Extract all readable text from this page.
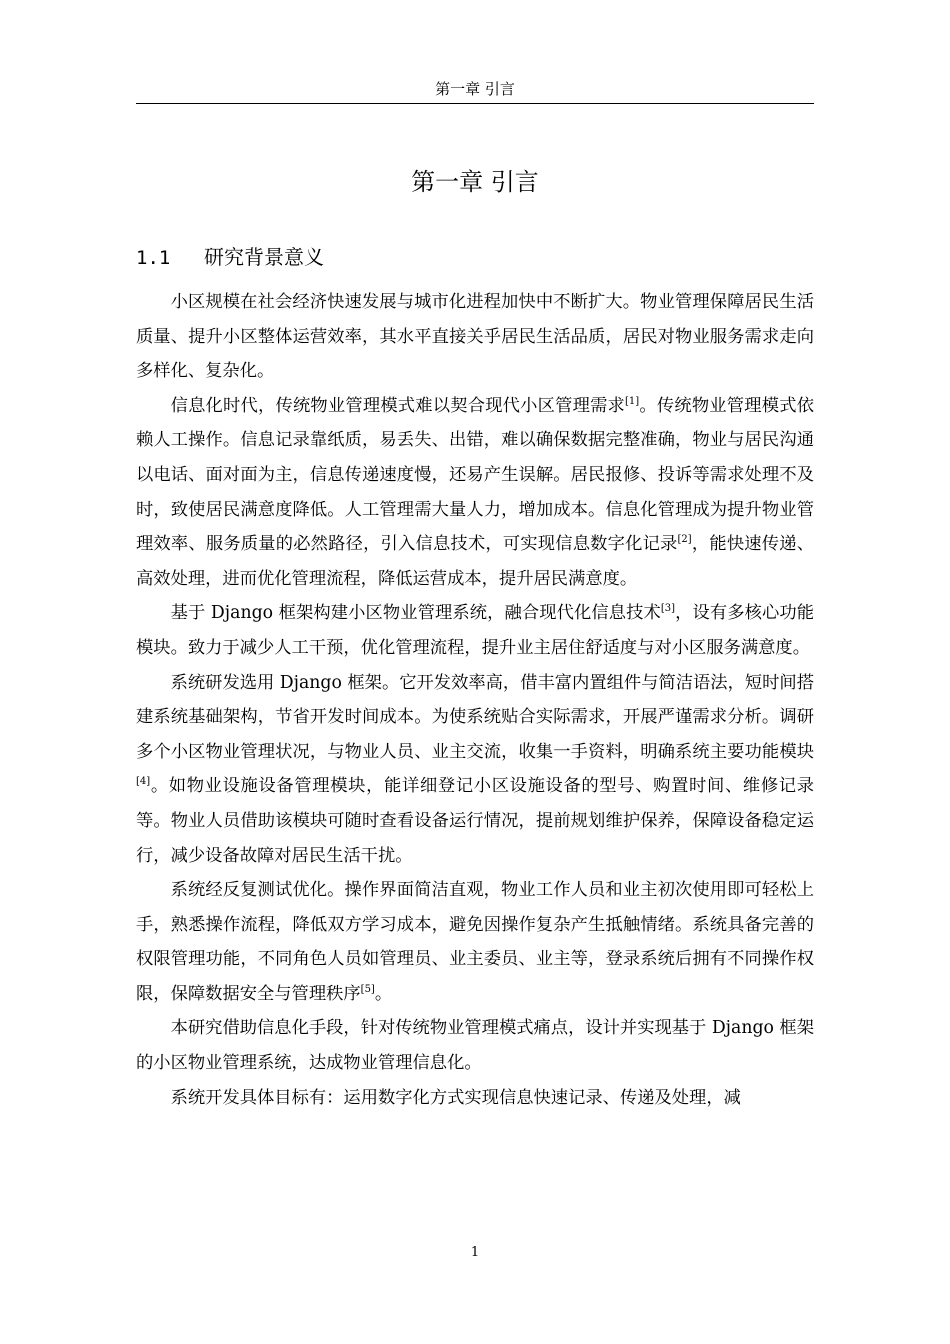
第一章 引言
第一章 引言
1.1 研究背景意义

小区规模在社会经济快速发展与城市化进程加快中不断扩大。物业管理保障居民生活质量、提升小区整体运营效率，其水平直接关乎居民生活品质，居民对物业服务需求走向多样化、复杂化。

信息化时代，传统物业管理模式难以契合现代小区管理需求[1]。传统物业管理模式依赖人工操作。信息记录靠纸质，易丢失、出错，难以确保数据完整准确，物业与居民沟通以电话、面对面为主，信息传递速度慢，还易产生误解。居民报修、投诉等需求处理不及时，致使居民满意度降低。人工管理需大量人力，增加成本。信息化管理成为提升物业管理效率、服务质量的必然路径，引入信息技术，可实现信息数字化记录[2]，能快速传递、高效处理，进而优化管理流程，降低运营成本，提升居民满意度。

基于 Django 框架构建小区物业管理系统，融合现代化信息技术[3]，设有多核心功能模块。致力于减少人工干预，优化管理流程，提升业主居住舒适度与对小区服务满意度。

系统研发选用 Django 框架。它开发效率高，借丰富内置组件与简洁语法，短时间搭建系统基础架构，节省开发时间成本。为使系统贴合实际需求，开展严谨需求分析。调研多个小区物业管理状况，与物业人员、业主交流，收集一手资料，明确系统主要功能模块[4]。如物业设施设备管理模块，能详细登记小区设施设备的型号、购置时间、维修记录等。物业人员借助该模块可随时查看设备运行情况，提前规划维护保养，保障设备稳定运行，减少设备故障对居民生活干扰。

系统经反复测试优化。操作界面简洁直观，物业工作人员和业主初次使用即可轻松上手，熟悉操作流程，降低双方学习成本，避免因操作复杂产生抵触情绪。系统具备完善的权限管理功能，不同角色人员如管理员、业主委员、业主等，登录系统后拥有不同操作权限，保障数据安全与管理秩序[5]。

本研究借助信息化手段，针对传统物业管理模式痛点，设计并实现基于 Django 框架的小区物业管理系统，达成物业管理信息化。

系统开发具体目标有：运用数字化方式实现信息快速记录、传递及处理，减

1
